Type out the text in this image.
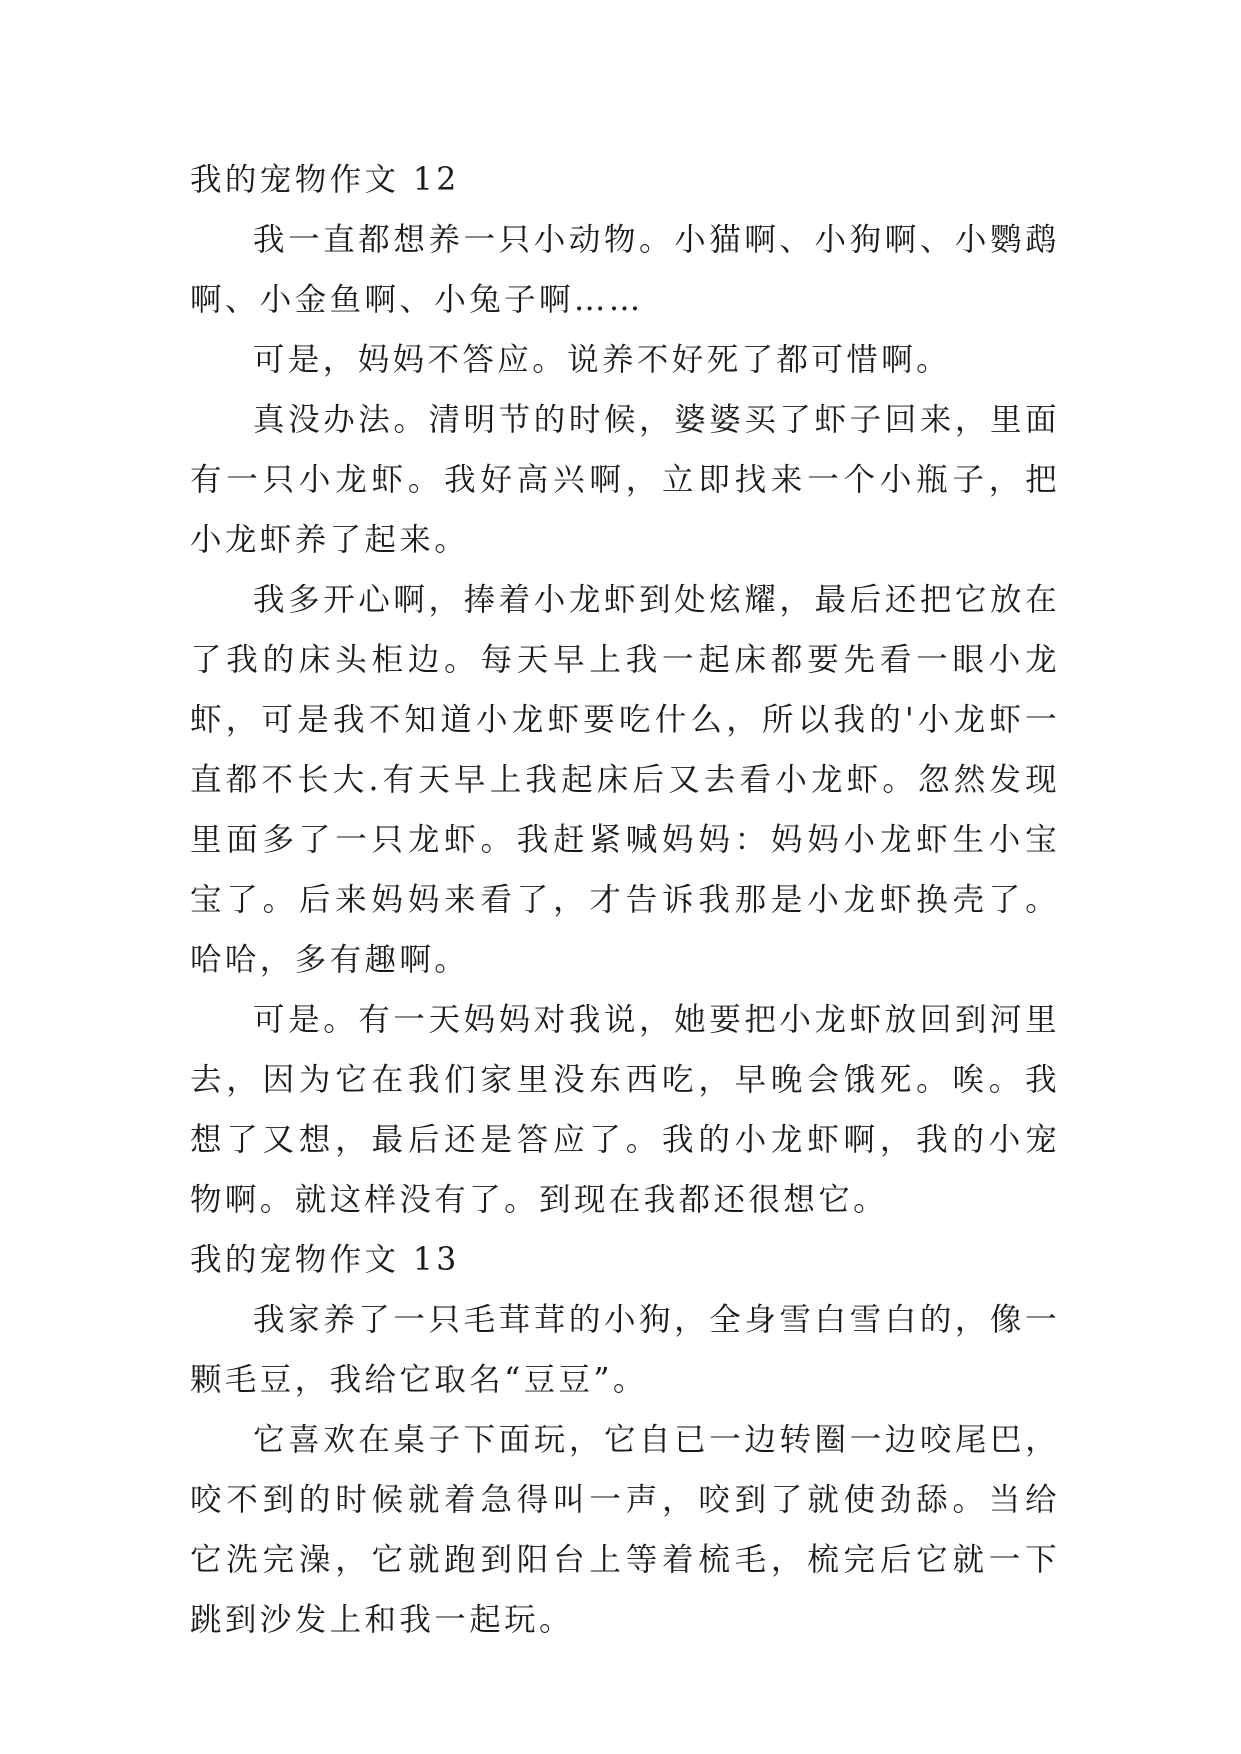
我的宠物作文 12

我一直都想养一只小动物。小猫啊、小狗啊、小鹦鹉啊、小金鱼啊、小兔子啊……

可是，妈妈不答应。说养不好死了都可惜啊。

真没办法。清明节的时候，婆婆买了虾子回来，里面有一只小龙虾。我好高兴啊，立即找来一个小瓶子，把小龙虾养了起来。

我多开心啊，捧着小龙虾到处炫耀，最后还把它放在了我的床头柜边。每天早上我一起床都要先看一眼小龙虾，可是我不知道小龙虾要吃什么，所以我的'小龙虾一直都不长大.有天早上我起床后又去看小龙虾。忽然发现里面多了一只龙虾。我赶紧喊妈妈：妈妈小龙虾生小宝宝了。后来妈妈来看了，才告诉我那是小龙虾换壳了。哈哈，多有趣啊。

可是。有一天妈妈对我说，她要把小龙虾放回到河里去，因为它在我们家里没东西吃，早晚会饿死。唉。我想了又想，最后还是答应了。我的小龙虾啊，我的小宠物啊。就这样没有了。到现在我都还很想它。

我的宠物作文 13

我家养了一只毛茸茸的小狗，全身雪白雪白的，像一颗毛豆，我给它取名“豆豆”。

它喜欢在桌子下面玩，它自已一边转圈一边咬尾巴，咬不到的时候就着急得叫一声，咬到了就使劲舔。当给它洗完澡，它就跑到阳台上等着梳毛，梳完后它就一下跳到沙发上和我一起玩。
